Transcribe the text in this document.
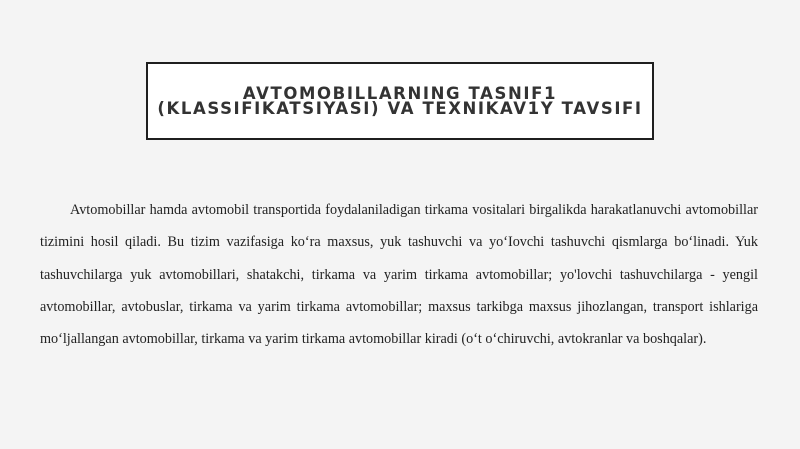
AVTOMOBILLARNING TASNIF1 (KLASSIFIKATSIYASI) VA TEXNIKAV1Y TAVSIFI

Avtomobillar hamda avtomobil transportida foydalaniladigan tirkama vositalari birgalikda harakatlanuvchi avtomobillar tizimini hosil qiladi. Bu tizim vazifasiga ko‘ra maxsus, yuk tashuvchi va yo‘Iovchi tashuvchi qismlarga bo‘linadi. Yuk tashuvchilarga yuk avtomobillari, shatakchi, tirkama va yarim tirkama avtomobillar; yo'lovchi tashuvchilarga - yengil avtomobillar, avtobuslar, tirkama va yarim tirkama avtomobillar; maxsus tarkibga maxsus jihozlangan, transport ishlariga mo‘ljallangan avtomobillar, tirkama va yarim tirkama avtomobillar kiradi (o‘t o‘chiruvchi, avtokranlar va boshqalar).
